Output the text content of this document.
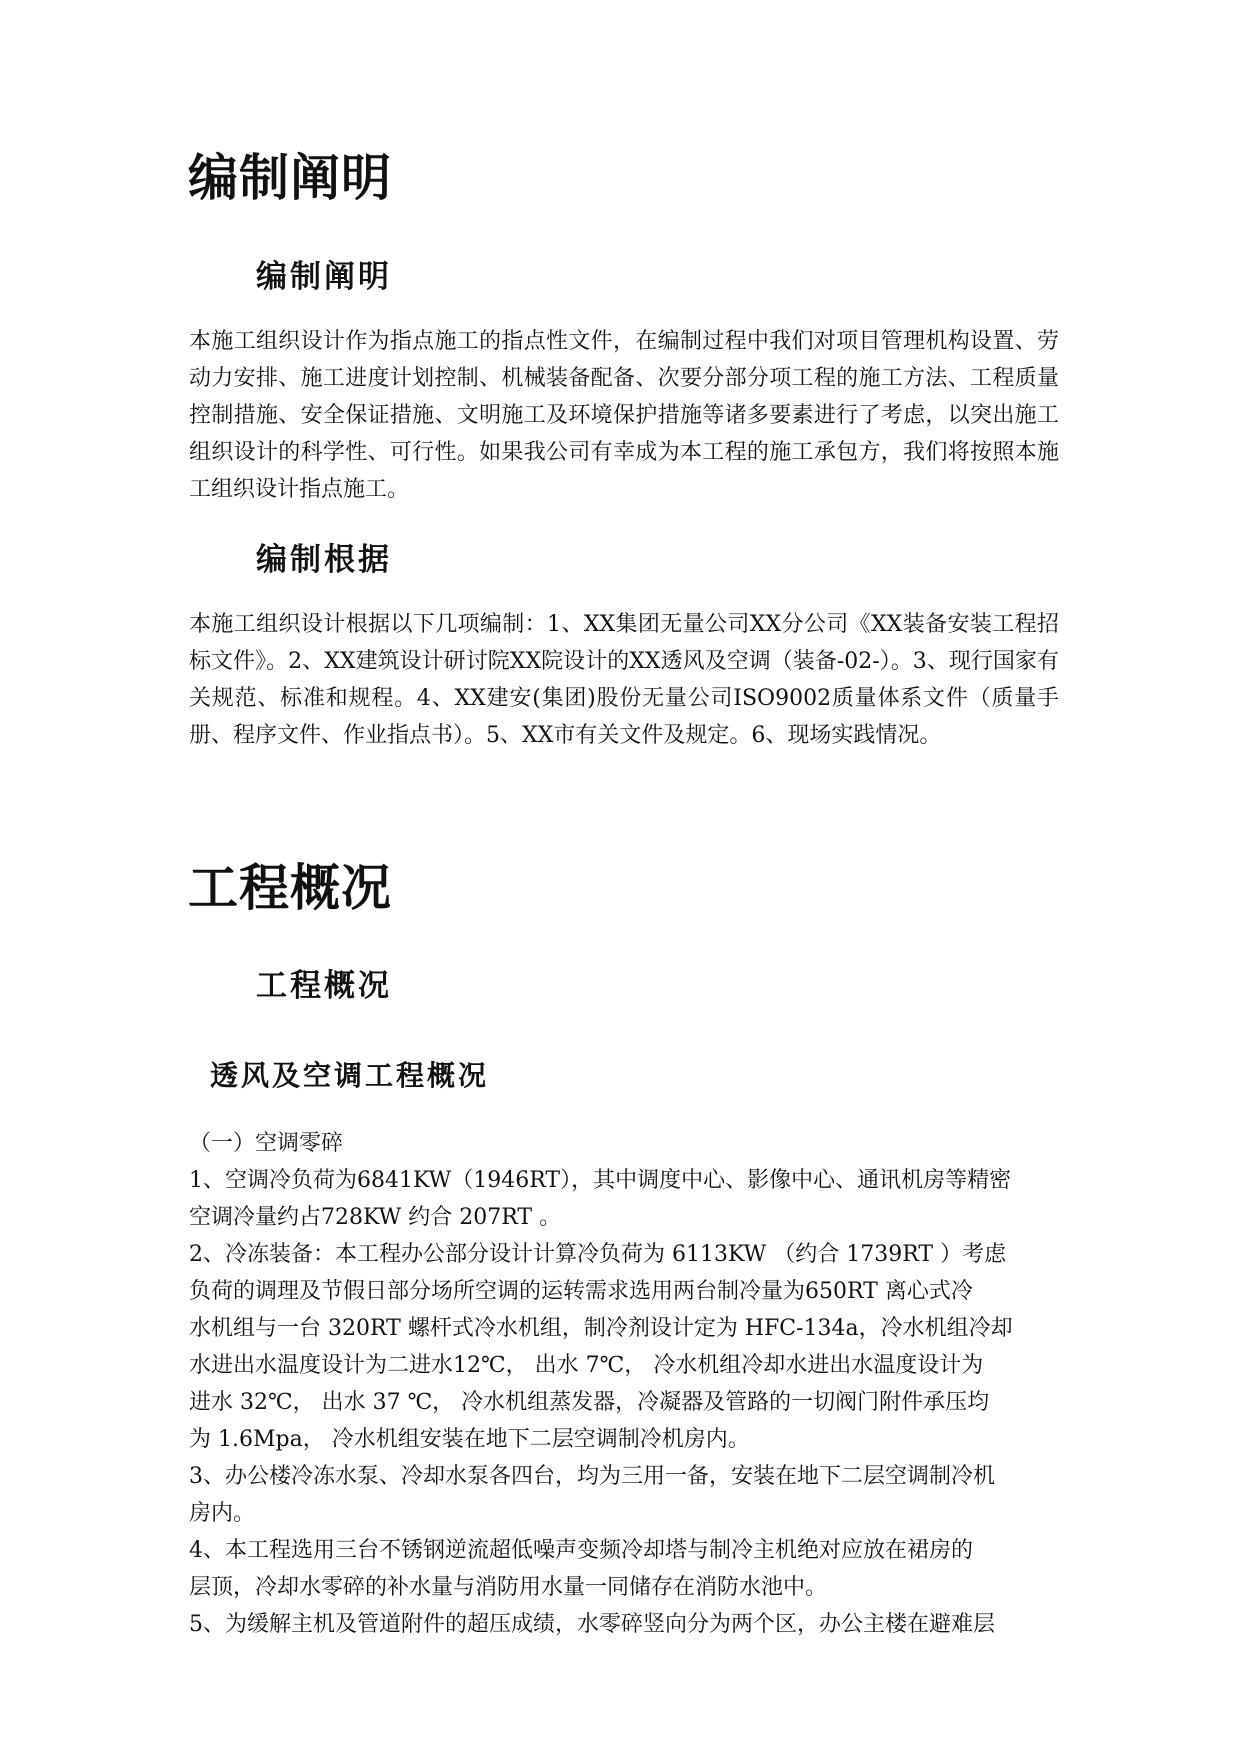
编制阐明
编制阐明

本施工组织设计作为指点施工的指点性文件，在编制过程中我们对项目管理机构设置、劳动力安排、施工进度计划控制、机械装备配备、次要分部分项工程的施工方法、工程质量控制措施、安全保证措施、文明施工及环境保护措施等诸多要素进行了考虑，以突出施工组织设计的科学性、可行性。如果我公司有幸成为本工程的施工承包方，我们将按照本施工组织设计指点施工。

编制根据

本施工组织设计根据以下几项编制：1、XX集团无量公司XX分公司《XX装备安装工程招标文件》。2、XX建筑设计研讨院XX院设计的XX透风及空调（装备-02-）。3、现行国家有关规范、标准和规程。4、XX建安(集团)股份无量公司ISO9002质量体系文件（质量手册、程序文件、作业指点书）。5、XX市有关文件及规定。6、现场实践情况。

工程概况
工程概况
透风及空调工程概况

（一）空调零碎

1、空调冷负荷为6841KW（1946RT），其中调度中心、影像中心、通讯机房等精密

空调冷量约占728KW 约合 207RT 。

2、冷冻装备：本工程办公部分设计计算冷负荷为 6113KW （约合 1739RT ）考虑

负荷的调理及节假日部分场所空调的运转需求选用两台制冷量为650RT 离心式冷

水机组与一台 320RT 螺杆式冷水机组，制冷剂设计定为 HFC-134a，冷水机组冷却

水进出水温度设计为二进水12℃， 出水 7℃， 冷水机组冷却水进出水温度设计为

进水 32℃， 出水 37 ℃， 冷水机组蒸发器，冷凝器及管路的一切阀门附件承压均

为 1.6Mpa， 冷水机组安装在地下二层空调制冷机房内。

3、办公楼冷冻水泵、冷却水泵各四台，均为三用一备，安装在地下二层空调制冷机

房内。

4、本工程选用三台不锈钢逆流超低噪声变频冷却塔与制冷主机绝对应放在裙房的

层顶，冷却水零碎的补水量与消防用水量一同储存在消防水池中。

5、为缓解主机及管道附件的超压成绩，水零碎竖向分为两个区，办公主楼在避难层
